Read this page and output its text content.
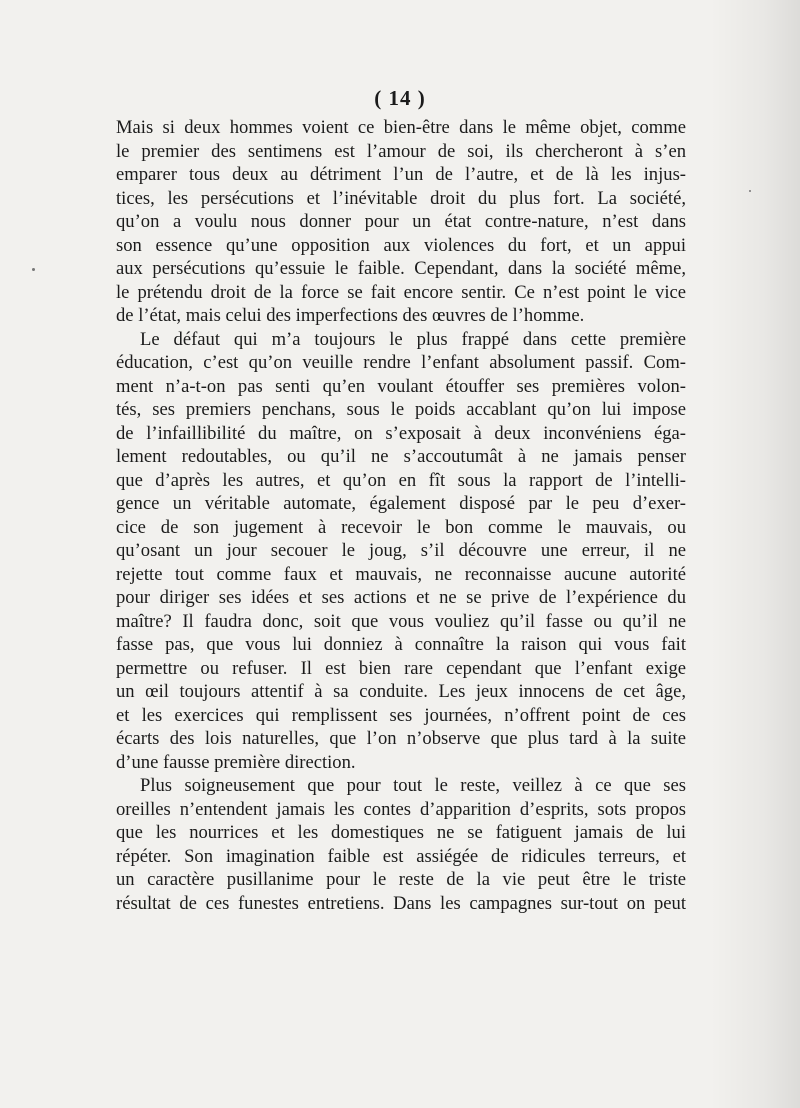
( 14 )
Mais si deux hommes voient ce bien-être dans le même objet, comme
le premier des sentimens est l’amour de soi, ils chercheront à s’en
emparer tous deux au détriment l’un de l’autre, et de là les injus-
tices, les persécutions et l’inévitable droit du plus fort. La société,
qu’on a voulu nous donner pour un état contre-nature, n’est dans
son essence qu’une opposition aux violences du fort, et un appui
aux persécutions qu’essuie le faible. Cependant, dans la société même,
le prétendu droit de la force se fait encore sentir. Ce n’est point le vice
de l’état, mais celui des imperfections des œuvres de l’homme.
Le défaut qui m’a toujours le plus frappé dans cette première
éducation, c’est qu’on veuille rendre l’enfant absolument passif. Com-
ment n’a-t-on pas senti qu’en voulant étouffer ses premières volon-
tés, ses premiers penchans, sous le poids accablant qu’on lui impose
de l’infaillibilité du maître, on s’exposait à deux inconvéniens éga-
lement redoutables, ou qu’il ne s’accoutumât à ne jamais penser
que d’après les autres, et qu’on en fît sous la rapport de l’intelli-
gence un véritable automate, également disposé par le peu d’exer-
cice de son jugement à recevoir le bon comme le mauvais, ou
qu’osant un jour secouer le joug, s’il découvre une erreur, il ne
rejette tout comme faux et mauvais, ne reconnaisse aucune autorité
pour diriger ses idées et ses actions et ne se prive de l’expérience du
maître? Il faudra donc, soit que vous vouliez qu’il fasse ou qu’il ne
fasse pas, que vous lui donniez à connaître la raison qui vous fait
permettre ou refuser. Il est bien rare cependant que l’enfant exige
un œil toujours attentif à sa conduite. Les jeux innocens de cet âge,
et les exercices qui remplissent ses journées, n’offrent point de ces
écarts des lois naturelles, que l’on n’observe que plus tard à la suite
d’une fausse première direction.
Plus soigneusement que pour tout le reste, veillez à ce que ses
oreilles n’entendent jamais les contes d’apparition d’esprits, sots propos
que les nourrices et les domestiques ne se fatiguent jamais de lui
répéter. Son imagination faible est assiégée de ridicules terreurs, et
un caractère pusillanime pour le reste de la vie peut être le triste
résultat de ces funestes entretiens. Dans les campagnes sur-tout on peut
